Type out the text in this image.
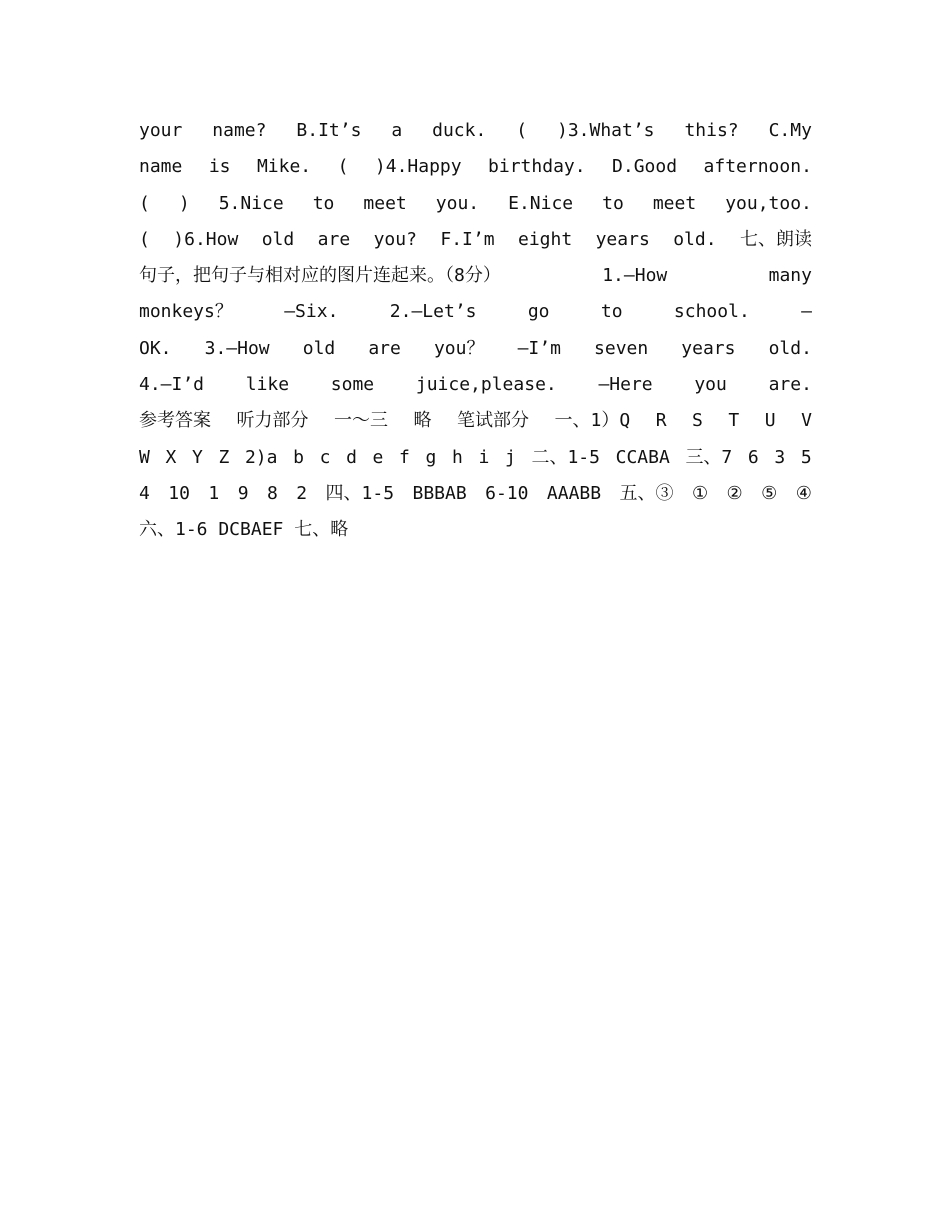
your name? B.It’s a duck. ( )3.What’s this? C.My
name is Mike. ( )4.Happy birthday. D.Good afternoon.
( ) 5.Nice to meet you. E.Nice to meet you,too.
( )6.How old are you? F.I’m eight years old. 七、朗读
句子，把句子与相对应的图片连起来。（8分）	1.—How	many
monkeys？	—Six.	2.—Let’s	go	to	school.	—
OK. 3.—How old are you？ —I’m seven years old.
4.—I’d like some juice,please. —Here you are.
参考答案 听力部分 一～三 略 笔试部分 一、1）Q R S T U V
W X Y Z 2)a b c d e f g h i j 二、1-5 CCABA 三、7 6 3 5
4 10 1 9 8 2 四、1-5 BBBAB 6-10 AAABB 五、③ ① ② ⑤ ④
六、1-6 DCBAEF 七、略
